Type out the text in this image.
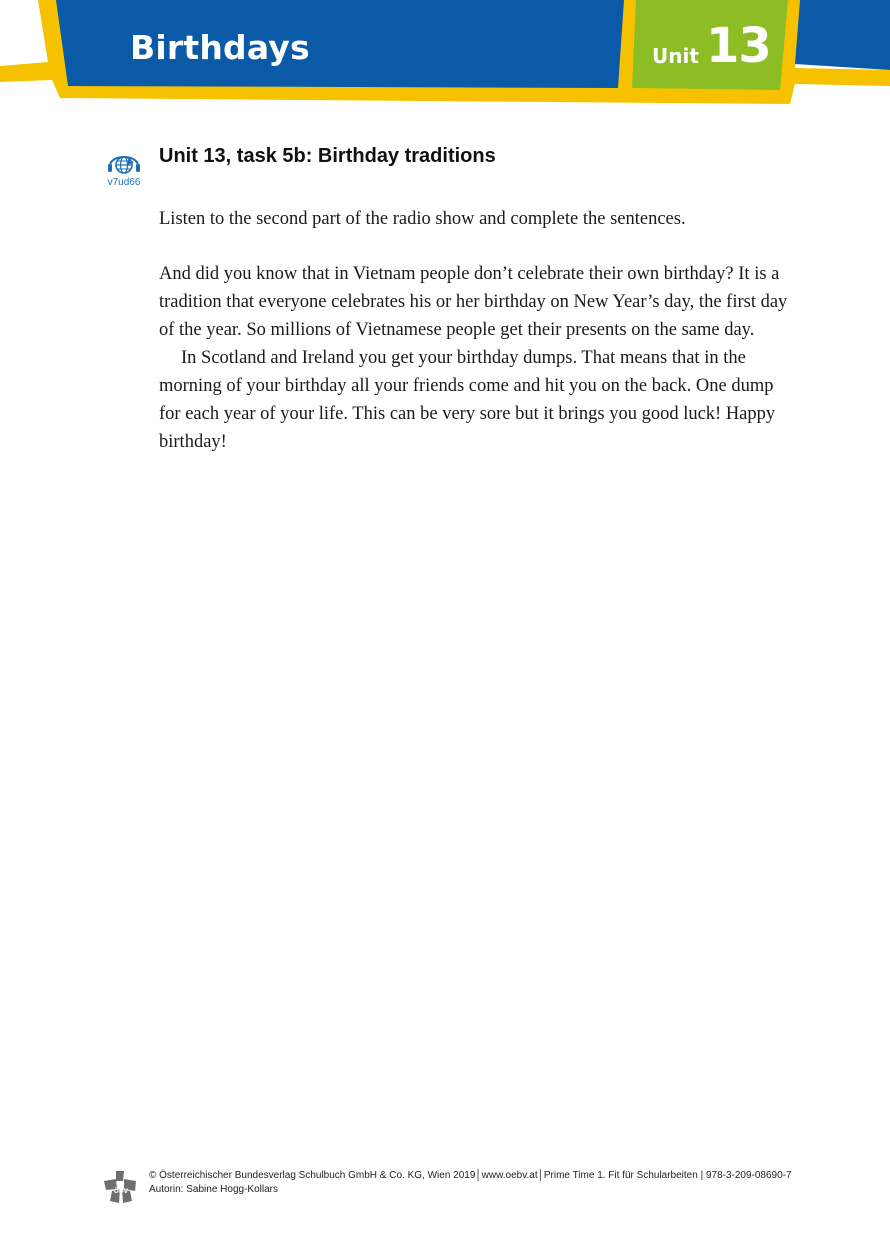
Birthdays	Unit 13
v7ud66
Unit 13, task 5b: Birthday traditions

Listen to the second part of the radio show and complete the sentences.

And did you know that in Vietnam people don’t celebrate their own birthday? It is a tradition that everyone celebrates his or her birthday on New Year’s day, the first day of the year. So millions of Vietnamese people get their presents on the same day.

In Scotland and Ireland you get your birthday dumps. That means that in the morning of your birthday all your friends come and hit you on the back. One dump for each year of your life. This can be very sore but it brings you good luck! Happy birthday!

öbv
© Österreichischer Bundesverlag Schulbuch GmbH & Co. KG, Wien 2019│www.oebv.at│Prime Time 1. Fit für Schularbeiten | 978-3-209-08690-7
Autorin: Sabine Hogg-Kollars
